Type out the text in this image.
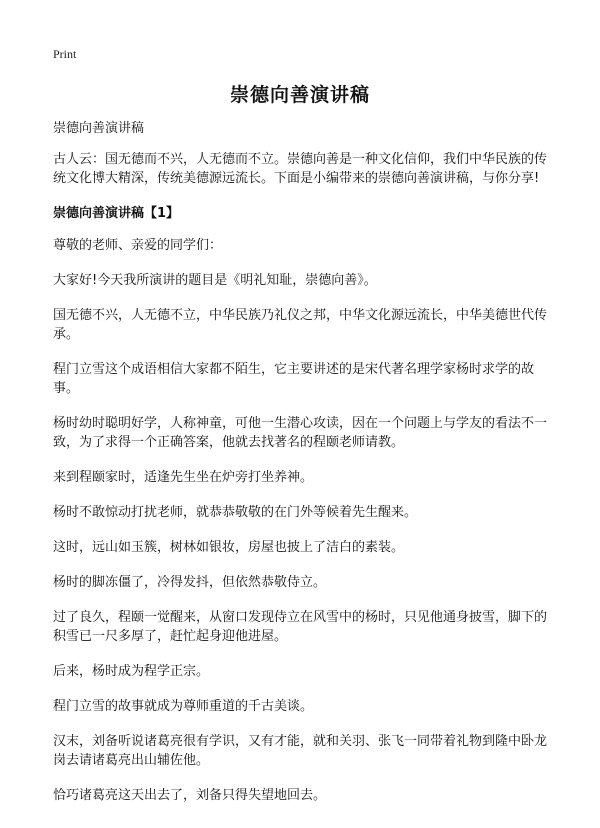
Print
崇德向善演讲稿

崇德向善演讲稿

古人云：国无德而不兴，人无德而不立。崇德向善是一种文化信仰，我们中华民族的传统文化博大精深，传统美德源远流长。下面是小编带来的崇德向善演讲稿，与你分享!

崇德向善演讲稿【1】

尊敬的老师、亲爱的同学们：

大家好!今天我所演讲的题目是《明礼知耻，崇德向善》。

国无德不兴，人无德不立，中华民族乃礼仪之邦，中华文化源远流长，中华美德世代传承。

程门立雪这个成语相信大家都不陌生，它主要讲述的是宋代著名理学家杨时求学的故事。

杨时幼时聪明好学，人称神童，可他一生潜心攻读，因在一个问题上与学友的看法不一致，为了求得一个正确答案，他就去找著名的程颐老师请教。

来到程颐家时，适逢先生坐在炉旁打坐养神。

杨时不敢惊动打扰老师，就恭恭敬敬的在门外等候着先生醒来。

这时，远山如玉簇，树林如银妆，房屋也披上了洁白的素装。

杨时的脚冻僵了，冷得发抖，但依然恭敬侍立。

过了良久，程颐一觉醒来，从窗口发现侍立在风雪中的杨时，只见他通身披雪，脚下的积雪已一尺多厚了，赶忙起身迎他进屋。

后来，杨时成为程学正宗。

程门立雪的故事就成为尊师重道的千古美谈。

汉末，刘备听说诸葛亮很有学识，又有才能，就和关羽、张飞一同带着礼物到隆中卧龙岗去请诸葛亮出山辅佐他。

恰巧诸葛亮这天出去了，刘备只得失望地回去。
